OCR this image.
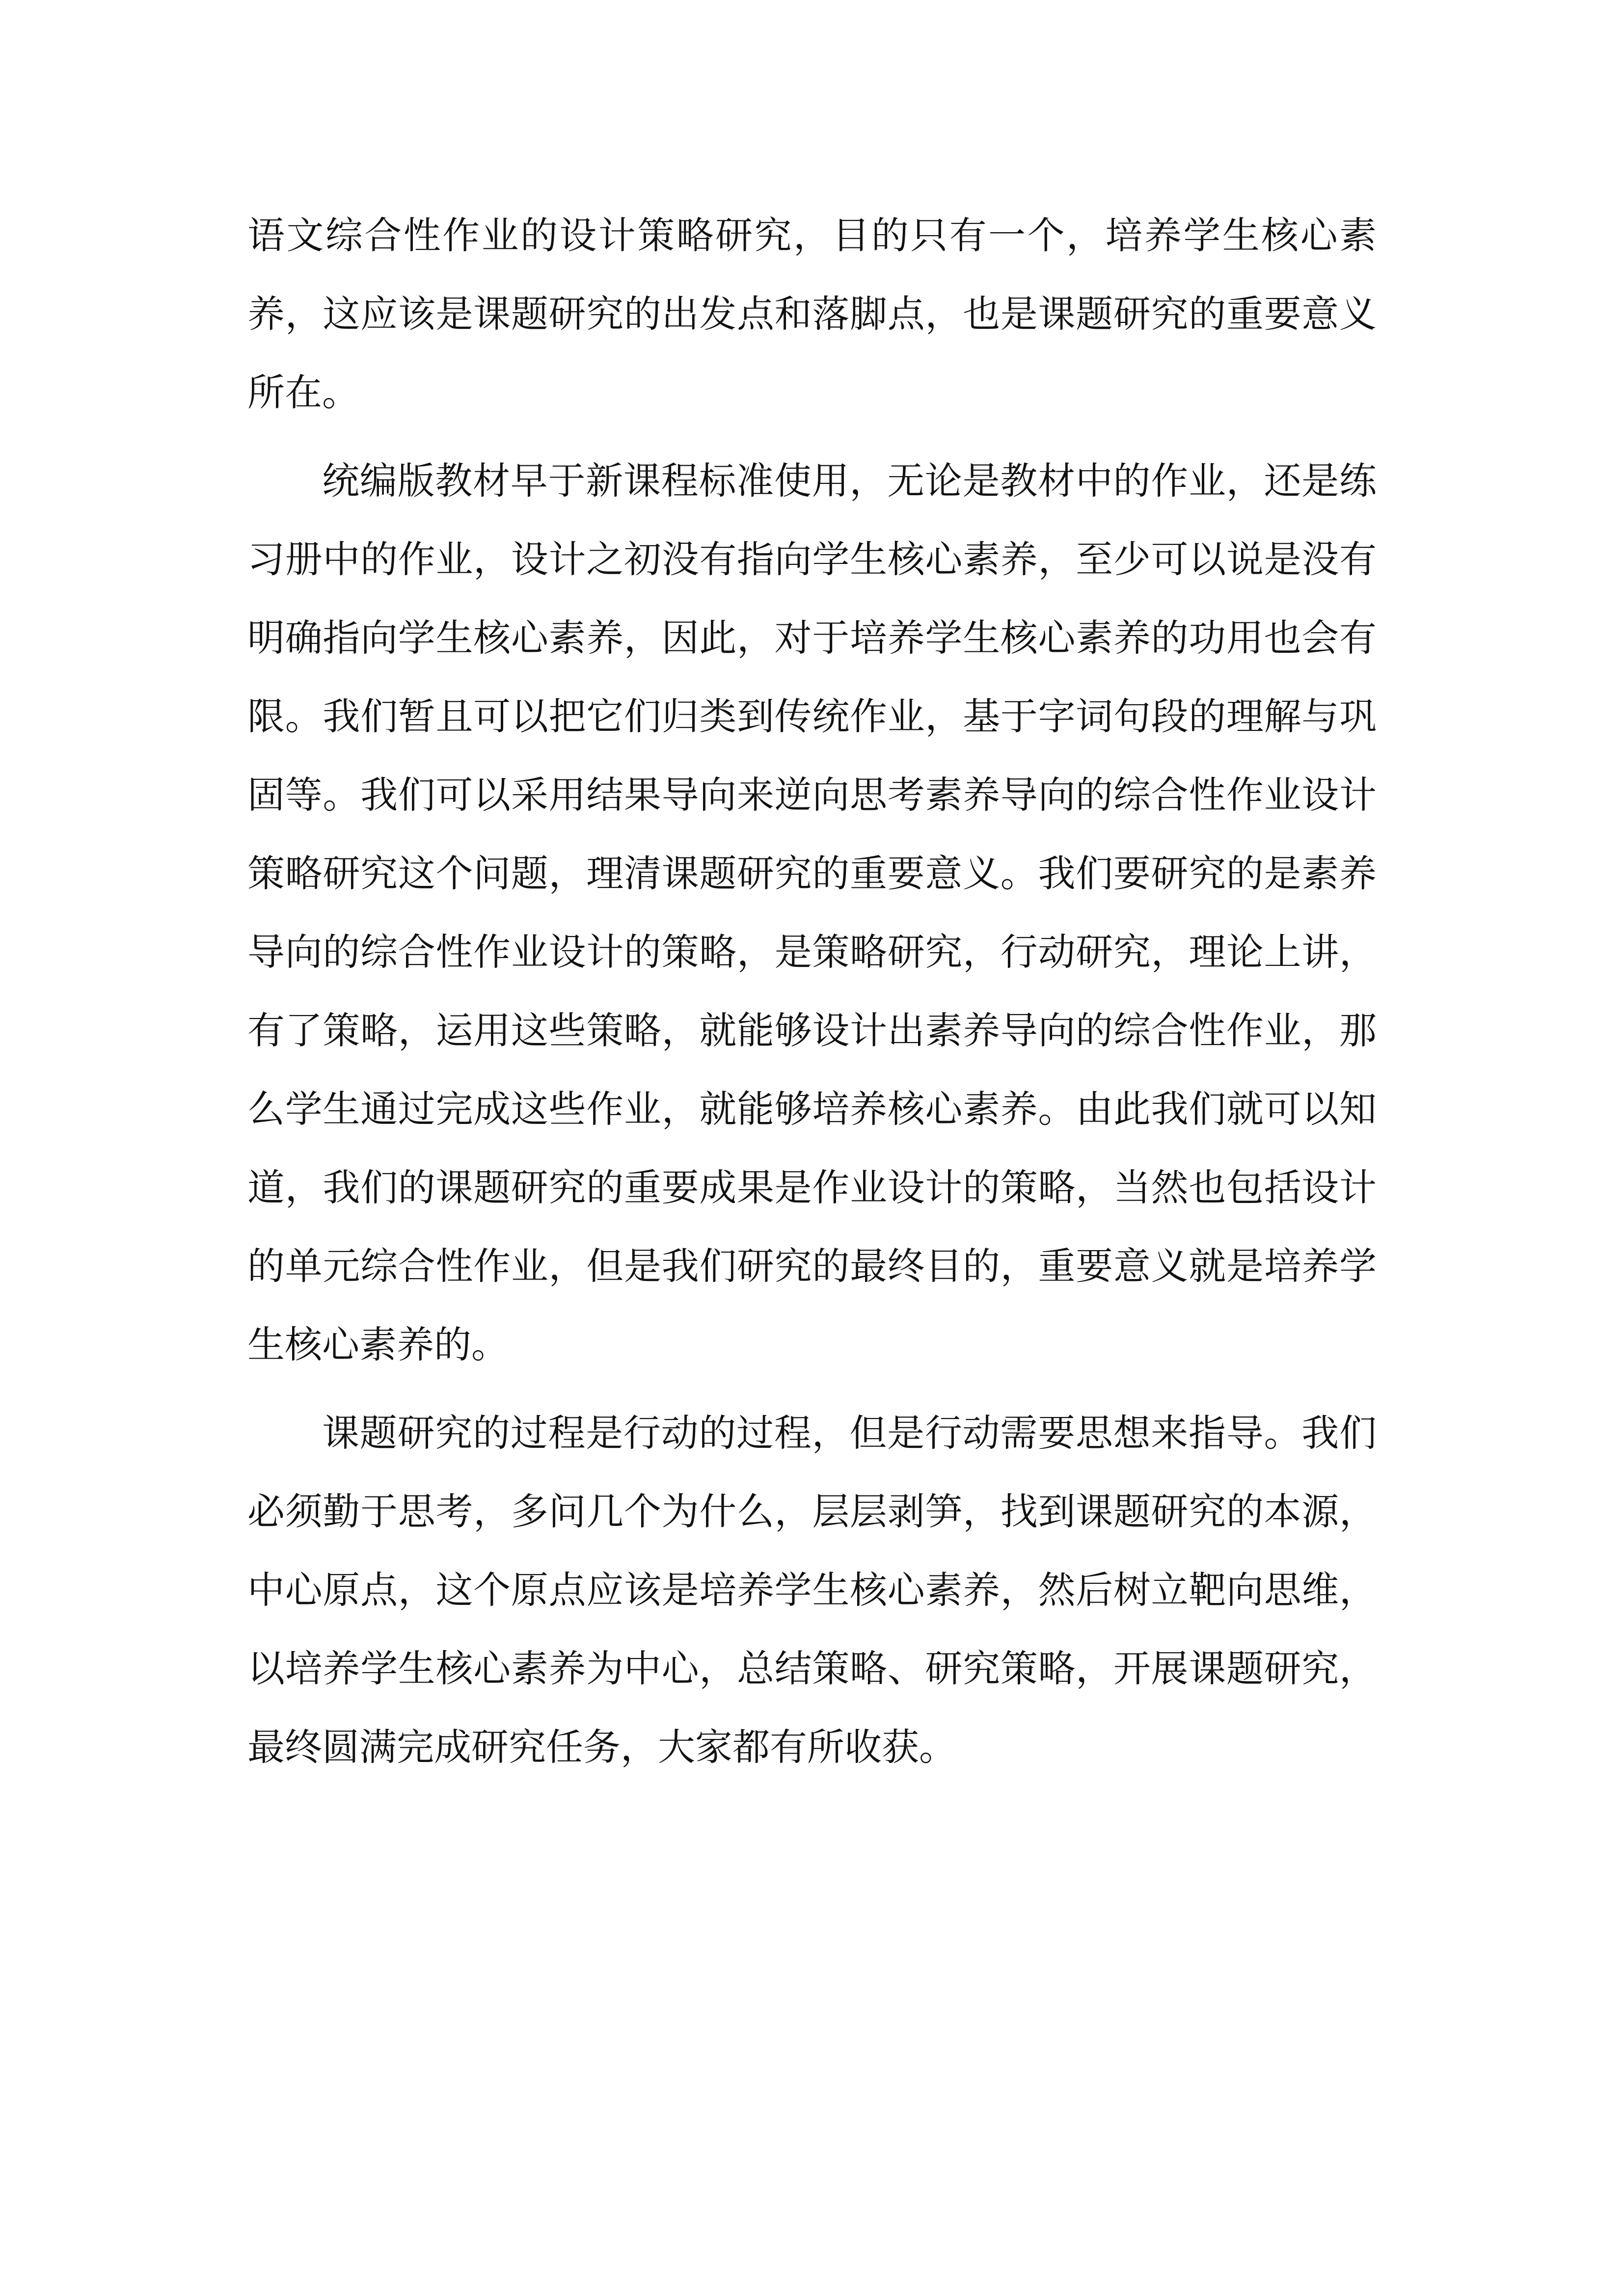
语文综合性作业的设计策略研究，目的只有一个，培养学生核心素养，这应该是课题研究的出发点和落脚点，也是课题研究的重要意义所在。

统编版教材早于新课程标准使用，无论是教材中的作业，还是练习册中的作业，设计之初没有指向学生核心素养，至少可以说是没有明确指向学生核心素养，因此，对于培养学生核心素养的功用也会有限。我们暂且可以把它们归类到传统作业，基于字词句段的理解与巩固等。我们可以采用结果导向来逆向思考素养导向的综合性作业设计策略研究这个问题，理清课题研究的重要意义。我们要研究的是素养导向的综合性作业设计的策略，是策略研究，行动研究，理论上讲，有了策略，运用这些策略，就能够设计出素养导向的综合性作业，那么学生通过完成这些作业，就能够培养核心素养。由此我们就可以知道，我们的课题研究的重要成果是作业设计的策略，当然也包括设计的单元综合性作业，但是我们研究的最终目的，重要意义就是培养学生核心素养的。

课题研究的过程是行动的过程，但是行动需要思想来指导。我们必须勤于思考，多问几个为什么，层层剥笋，找到课题研究的本源，中心原点，这个原点应该是培养学生核心素养，然后树立靶向思维，以培养学生核心素养为中心，总结策略、研究策略，开展课题研究，最终圆满完成研究任务，大家都有所收获。
